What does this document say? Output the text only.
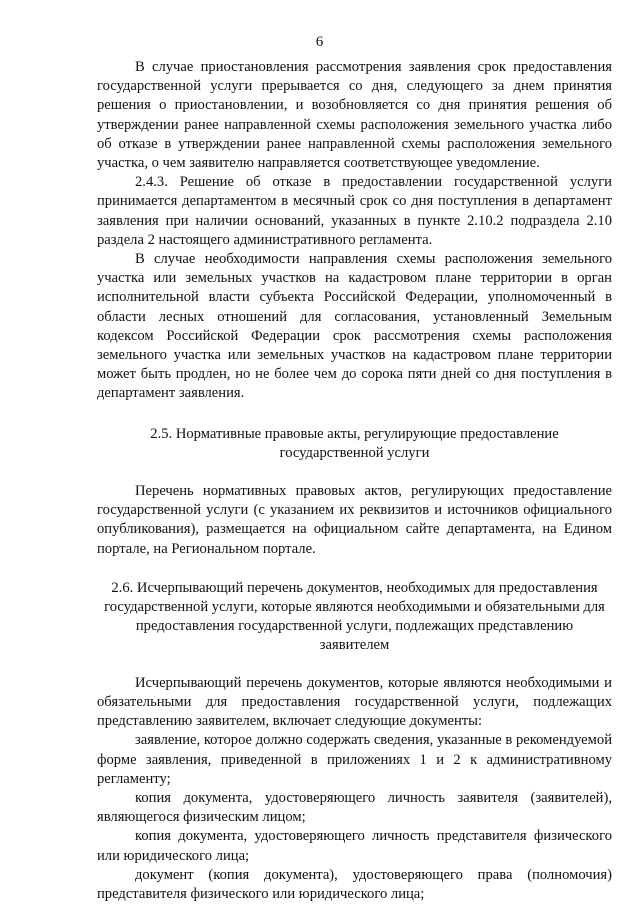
6

В случае приостановления рассмотрения заявления срок предоставления государственной услуги прерывается со дня, следующего за днем принятия решения о приостановлении, и возобновляется со дня принятия решения об утверждении ранее направленной схемы расположения земельного участка либо об отказе в утверждении ранее направленной схемы расположения земельного участка, о чем заявителю направляется соответствующее уведомление.

2.4.3. Решение об отказе в предоставлении государственной услуги принимается департаментом в месячный срок со дня поступления в департамент заявления при наличии оснований, указанных в пункте 2.10.2 подраздела 2.10 раздела 2 настоящего административного регламента.

В случае необходимости направления схемы расположения земельного участка или земельных участков на кадастровом плане территории в орган исполнительной власти субъекта Российской Федерации, уполномоченный в области лесных отношений для согласования, установленный Земельным кодексом Российской Федерации срок рассмотрения схемы расположения земельного участка или земельных участков на кадастровом плане территории может быть продлен, но не более чем до сорока пяти дней со дня поступления в департамент заявления.

2.5. Нормативные правовые акты, регулирующие предоставление государственной услуги

Перечень нормативных правовых актов, регулирующих предоставление государственной услуги (с указанием их реквизитов и источников официального опубликования), размещается на официальном сайте департамента, на Едином портале, на Региональном портале.

2.6. Исчерпывающий перечень документов, необходимых для предоставления государственной услуги, которые являются необходимыми и обязательными для предоставления государственной услуги, подлежащих представлению заявителем

Исчерпывающий перечень документов, которые являются необходимыми и обязательными для предоставления государственной услуги, подлежащих представлению заявителем, включает следующие документы:

заявление, которое должно содержать сведения, указанные в рекомендуемой форме заявления, приведенной в приложениях 1 и 2 к административному регламенту;

копия документа, удостоверяющего личность заявителя (заявителей), являющегося физическим лицом;

копия документа, удостоверяющего личность представителя физического или юридического лица;

документ (копия документа), удостоверяющего права (полномочия) представителя физического или юридического лица;
